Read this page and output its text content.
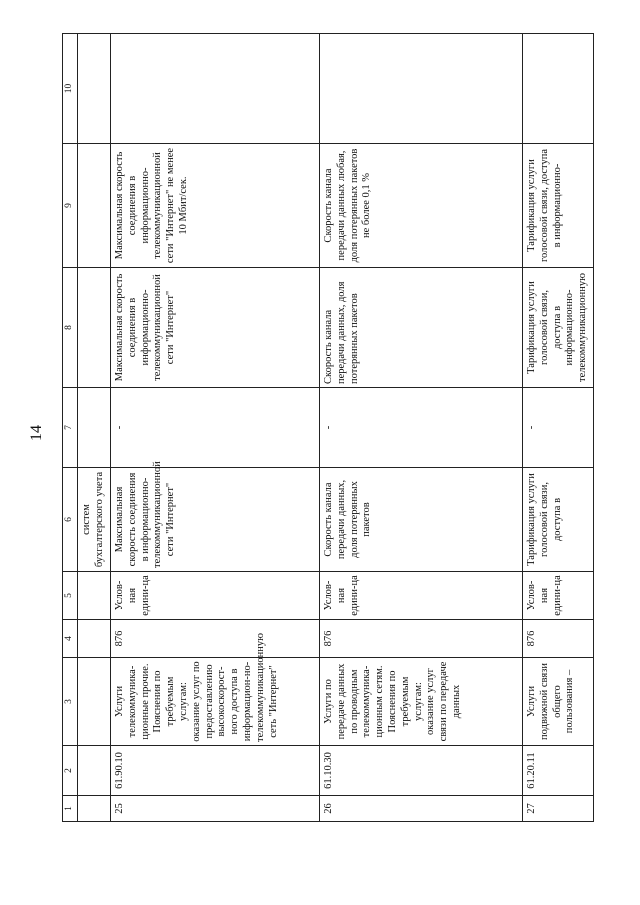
14
1	2	3	4	5	6	7	8	9	10
					систем бухгалтерского учета				
25	61.90.10	Услуги телекоммуника-ционные прочие. Пояснения по требуемым услугам: оказание услуг по предоставлению высокоскорост-ного доступа в информацион-но-телекоммуникационную сеть "Интернет"	876	Услов-ная едини-ца	Максимальная скорость соединения в информационно-телекоммуникационной сети "Интернет"	-	Максимальная скорость соединения в информационно-телекоммуникационной сети "Интернет"	Максимальная скорость соединения в информационно-телекоммуникационной сети "Интернет" не менее 10 Мбит/сек.	
26	61.10.30	Услуги по передаче данных по проводным телекоммуника-ционным сетям. Пояснения по требуемым услугам: оказание услуг связи по передаче данных	876	Услов-ная едини-ца	Скорость канала передачи данных, доля потерянных пакетов	-	Скорость канала передачи данных, доля потерянных пакетов	Скорость канала передачи данных любая, доля потерянных пакетов не более 0,1 %	
27	61.20.11	Услуги подвижной связи общего пользования –	876	Услов-ная едини-ца	Тарификация услуги голосовой связи, доступа в	-	Тарификация услуги голосовой связи, доступа в информационно-телекоммуникационную	Тарификация услуги голосовой связи, доступа в информационно-	
